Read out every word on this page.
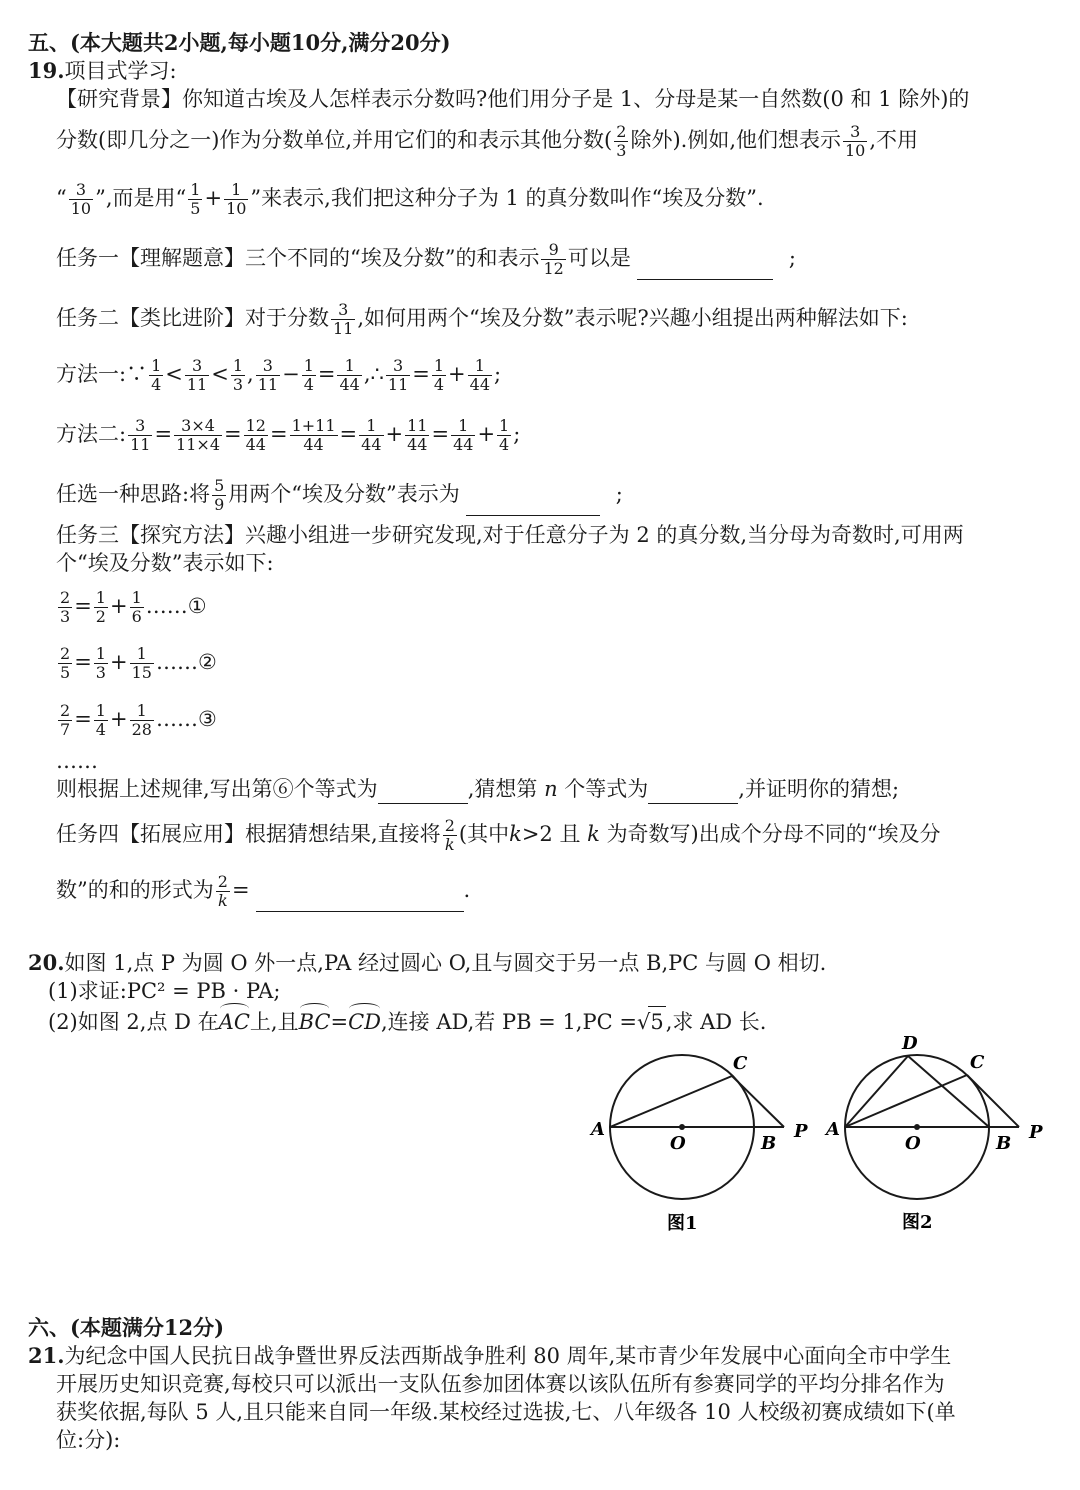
五、(本大题共2小题,每小题10分,满分20分)
19.项目式学习:
【研究背景】你知道古埃及人怎样表示分数吗?他们用分子是 1、分母是某一自然数(0 和 1 除外)的
分数(即几分之一)作为分数单位,并用它们的和表示其他分数( $\frac{2}{3}$ 除外).例如,他们想表示 $\frac{3}{10}$ ,不用
“ $\frac{3}{10}$ ”,而是用“ $\frac{1}{5} + \frac{1}{10}$ ”来表示,我们把这种分子为 1 的真分数叫作“埃及分数”.
任务一【理解题意】三个不同的“埃及分数”的和表示 $\frac{9}{12}$ 可以是	;
任务二【类比进阶】对于分数 $\frac{3}{11}$ ,如何用两个“埃及分数”表示呢?兴趣小组提出两种解法如下:
方法一:∵ $\frac{1}{4} < \frac{3}{11} < \frac{1}{3}$ , $\frac{3}{11} - \frac{1}{4} = \frac{1}{44}$ ,∴ $\frac{3}{11} = \frac{1}{4} + \frac{1}{44}$ ;
方法二: $\frac{3}{11} = \frac{3\times 4}{11\times 4} = \frac{12}{44} = \frac{1+11}{44} = \frac{1}{44} + \frac{11}{44} = \frac{1}{44} + \frac{1}{4}$ ;
任选一种思路:将 $\frac{5}{9}$ 用两个“埃及分数”表示为	;
任务三【探究方法】兴趣小组进一步研究发现,对于任意分子为 2 的真分数,当分母为奇数时,可用两
个“埃及分数”表示如下:
$\frac{2}{3} = \frac{1}{2} + \frac{1}{6}$ ……①
$\frac{2}{5} = \frac{1}{3} + \frac{1}{15}$ ……②
$\frac{2}{7} = \frac{1}{4} + \frac{1}{28}$ ……③
……
则根据上述规律,写出第⑥个等式为	,猜想第 n 个等式为	,并证明你的猜想;
任务四【拓展应用】根据猜想结果,直接将 $\frac{2}{k}$ (其中k>2 且 k 为奇数写)出成个分母不同的“埃及分
数”的和的形式为 $\frac{2}{k}$ =	.
20.如图 1,点 P 为圆 O 外一点,PA 经过圆心 O,且与圆交于另一点 B,PC 与圆 O 相切.
(1)求证:PC² = PB · PA;
(2)如图 2,点 D 在AC上,且BC=CD,连接 AD,若 PB = 1,PC =√5,求 AD 长.
A
O	B
C
P
图1
A
O	B
C
D
P
图2
六、(本题满分12分)
21.为纪念中国人民抗日战争暨世界反法西斯战争胜利 80 周年,某市青少年发展中心面向全市中学生
开展历史知识竞赛,每校只可以派出一支队伍参加团体赛以该队伍所有参赛同学的平均分排名作为
获奖依据,每队 5 人,且只能来自同一年级.某校经过选拔,七、八年级各 10 人校级初赛成绩如下(单
位:分):
